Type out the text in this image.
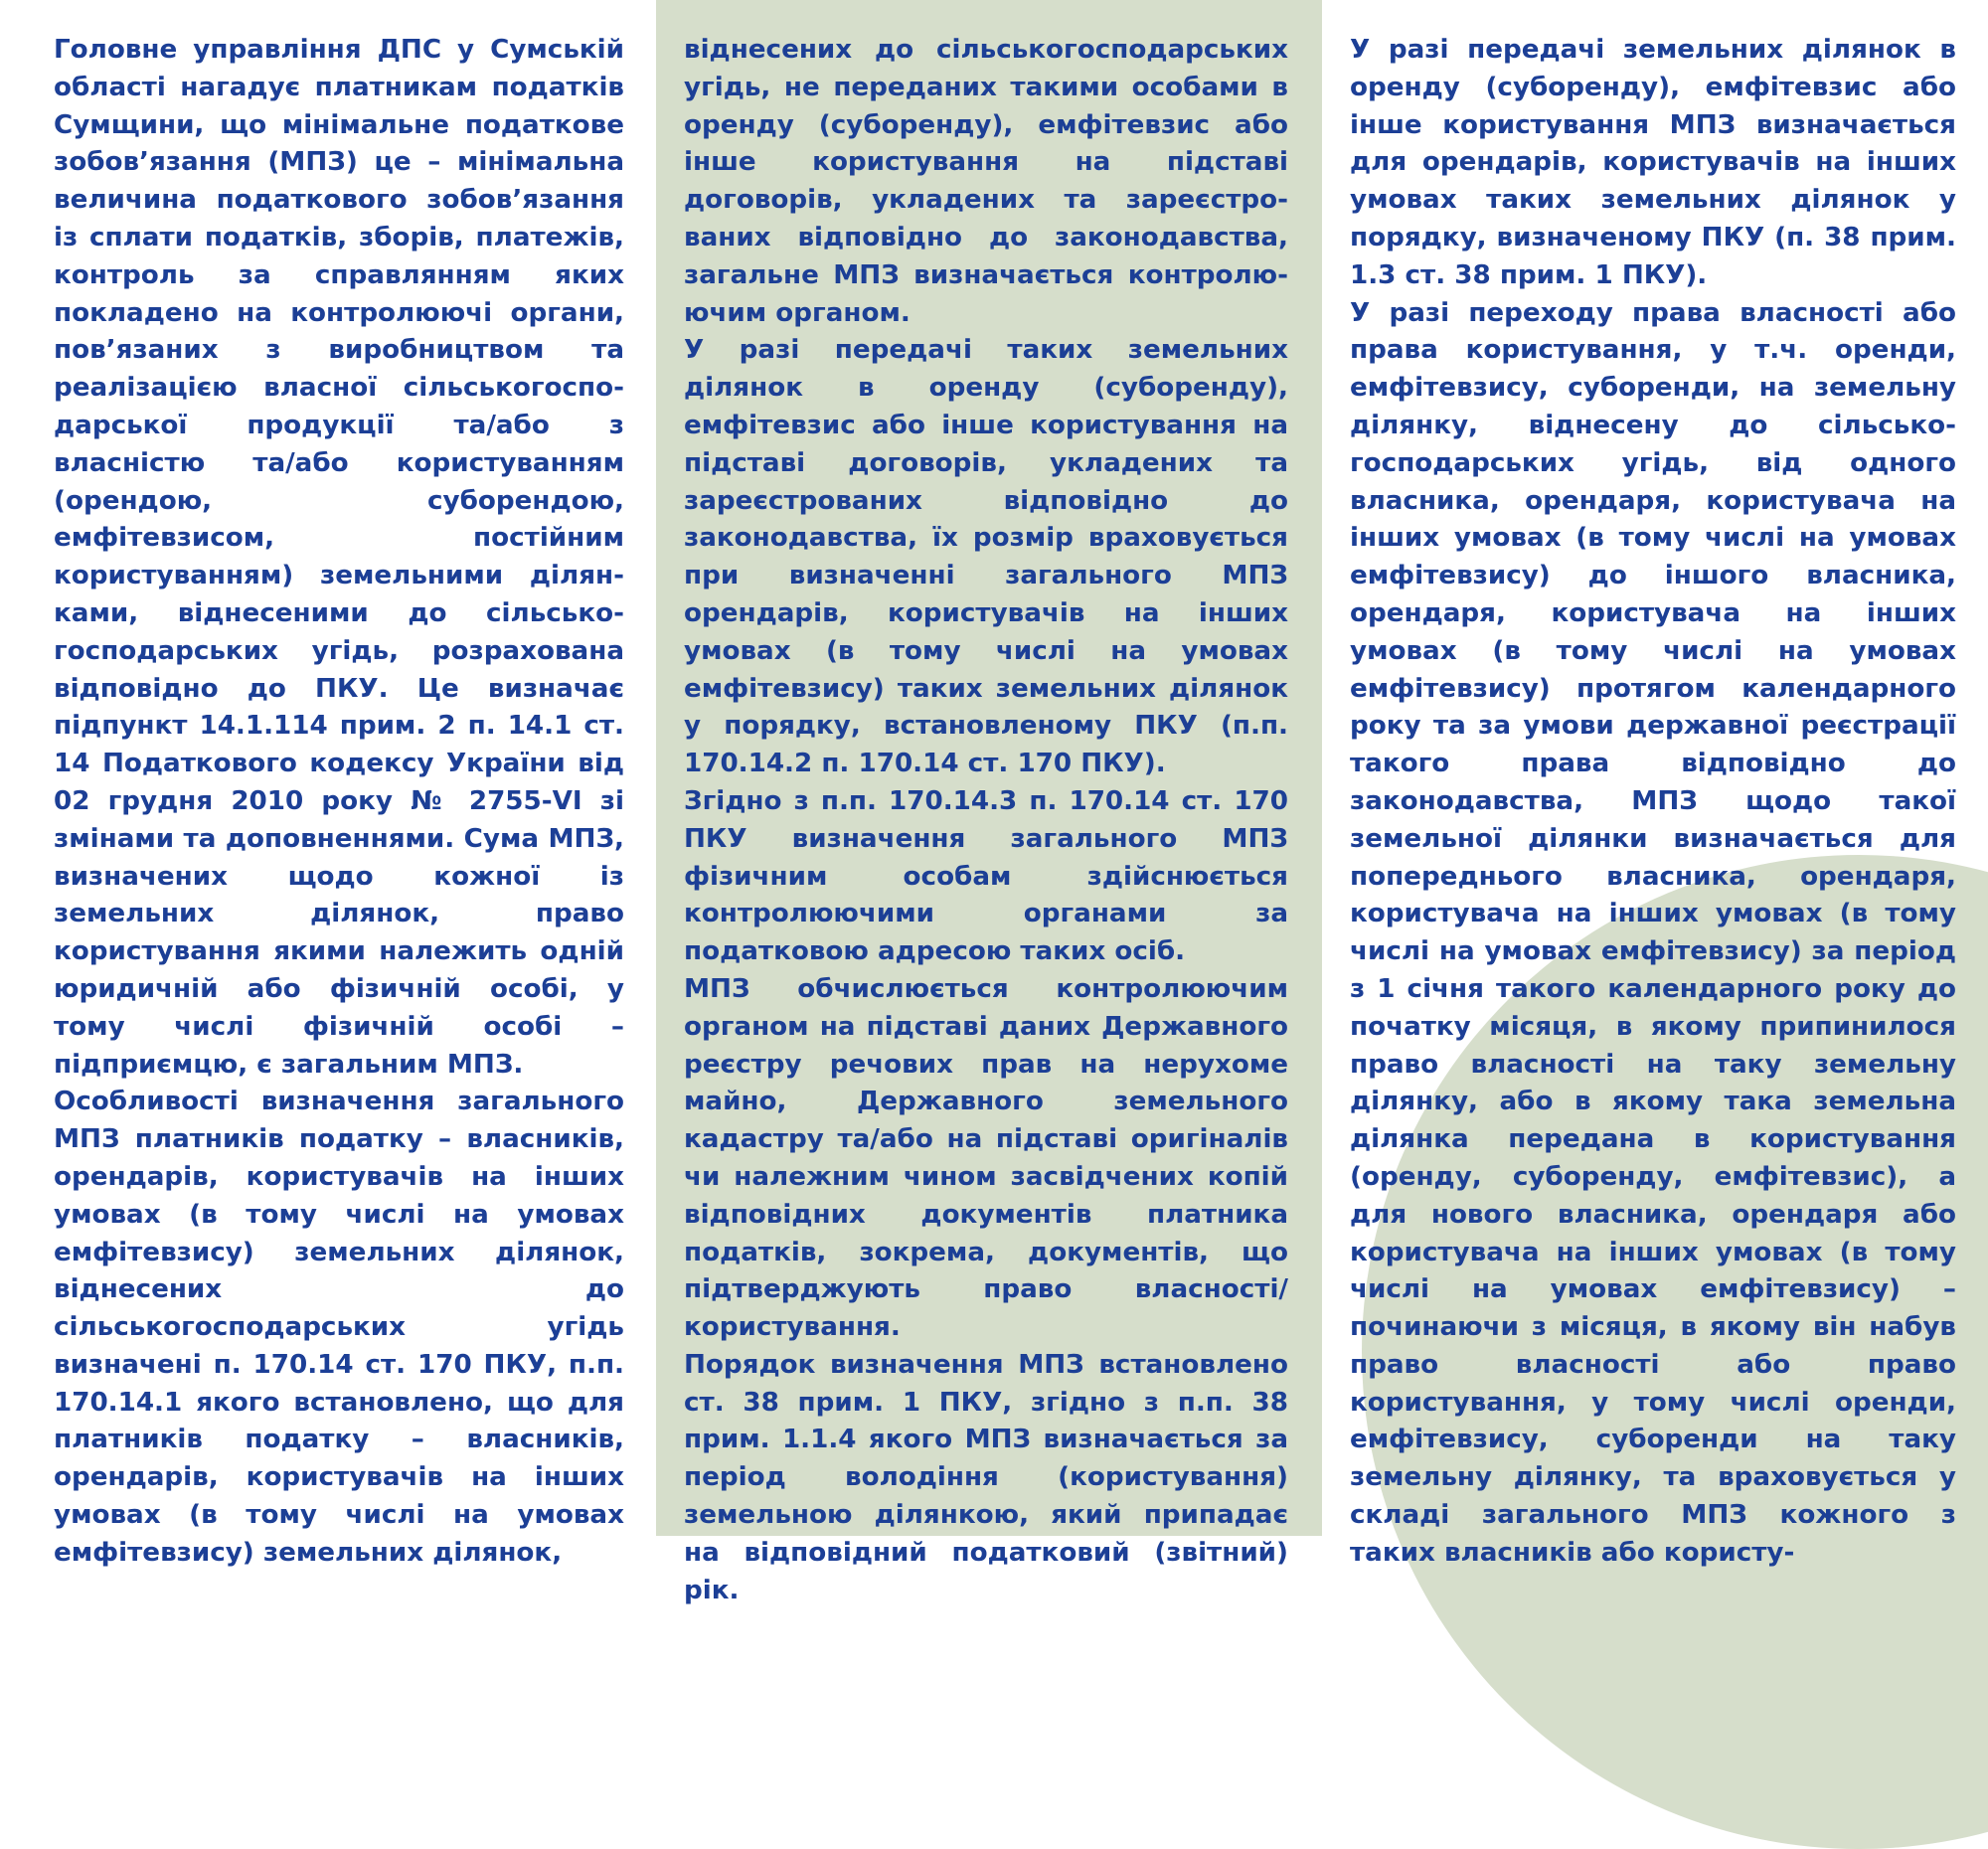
Головне управління ДПС у Сумській області нагадує платникам податків Сумщини, що мінімальне податкове зобов’язання (МПЗ) це – мінімальна величина податкового зобов’язання із сплати податків, зборів, платежів, контроль за справлянням яких покладено на контролюючі органи, пов’язаних з виробництвом та реалізацією власної сільськогосподарської продукції та/або з власністю та/або користуванням (орендою, суборендою, емфітевзисом, постійним користуванням) земельними ділянками, віднесеними до сільськогосподарських угідь, розрахована відповідно до ПКУ. Це визначає підпункт 14.1.114 прим. 2 п. 14.1 ст. 14 Податкового кодексу України від 02 грудня 2010 року № 2755-VI зі змінами та доповненнями. Сума МПЗ, визначених щодо кожної із земельних ділянок, право користування якими належить одній юридичній або фізичній особі, у тому числі фізичній особі – підприємцю, є загальним МПЗ.

Особливості визначення загального МПЗ платників податку – власників, орендарів, користувачів на інших умовах (в тому числі на умовах емфітевзису) земельних ділянок, віднесених до сільськогосподарських угідь визначені п. 170.14 ст. 170 ПКУ, п.п. 170.14.1 якого встановлено, що для платників податку – власників, орендарів, користувачів на інших умовах (в тому числі на умовах емфітевзису) земельних ділянок,

віднесених до сільськогосподарських угідь, не переданих такими особами в оренду (суборенду), емфітевзис або інше користування на підставі договорів, укладених та зареєстро-ваних відповідно до законодавства, загальне МПЗ визначається контролю-ючим органом.

У разі передачі таких земельних ділянок в оренду (суборенду), емфітевзис або інше користування на підставі договорів, укладених та зареєстрованих відповідно до законодавства, їх розмір враховується при визначенні загального МПЗ орендарів, користувачів на інших умовах (в тому числі на умовах емфітевзису) таких земельних ділянок у порядку, встановленому ПКУ (п.п. 170.14.2 п. 170.14 ст. 170 ПКУ).

Згідно з п.п. 170.14.3 п. 170.14 ст. 170 ПКУ визначення загального МПЗ фізичним особам здійснюється контролюючими органами за податковою адресою таких осіб.

МПЗ обчислюється контролюючим органом на підставі даних Державного реєстру речових прав на нерухоме майно, Державного земельного кадастру та/або на підставі оригіналів чи належним чином засвідчених копій відповідних документів платника податків, зокрема, документів, що підтверджують право власності/користування.

Порядок визначення МПЗ встановлено ст. 38 прим. 1 ПКУ, згідно з п.п. 38 прим. 1.1.4 якого МПЗ визначається за період володіння (користування) земельною ділянкою, який припадає на відповідний податковий (звітний) рік.

У разі передачі земельних ділянок в оренду (суборенду), емфітевзис або інше користування МПЗ визначається для орендарів, користувачів на інших умовах таких земельних ділянок у порядку, визначеному ПКУ (п. 38 прим. 1.3 ст. 38 прим. 1 ПКУ).

У разі переходу права власності або права користування, у т.ч. оренди, емфітевзису, суборенди, на земельну ділянку, віднесену до сільськогосподарських угідь, від одного власника, орендаря, користувача на інших умовах (в тому числі на умовах емфітевзису) до іншого власника, орендаря, користувача на інших умовах (в тому числі на умовах емфітевзису) протягом календарного року та за умови державної реєстрації такого права відповідно до законодавства, МПЗ щодо такої земельної ділянки визначається для попереднього власника, орендаря, користувача на інших умовах (в тому числі на умовах емфітевзису) за період з 1 січня такого календарного року до початку місяця, в якому припинилося право власності на таку земельну ділянку, або в якому така земельна ділянка передана в користування (оренду, суборенду, емфітевзис), а для нового власника, орендаря або користувача на інших умовах (в тому числі на умовах емфітевзису) – починаючи з місяця, в якому він набув право власності або право користування, у тому числі оренди, емфітевзису, суборенди на таку земельну ділянку, та враховується у складі загального МПЗ кожного з таких власників або користу-
